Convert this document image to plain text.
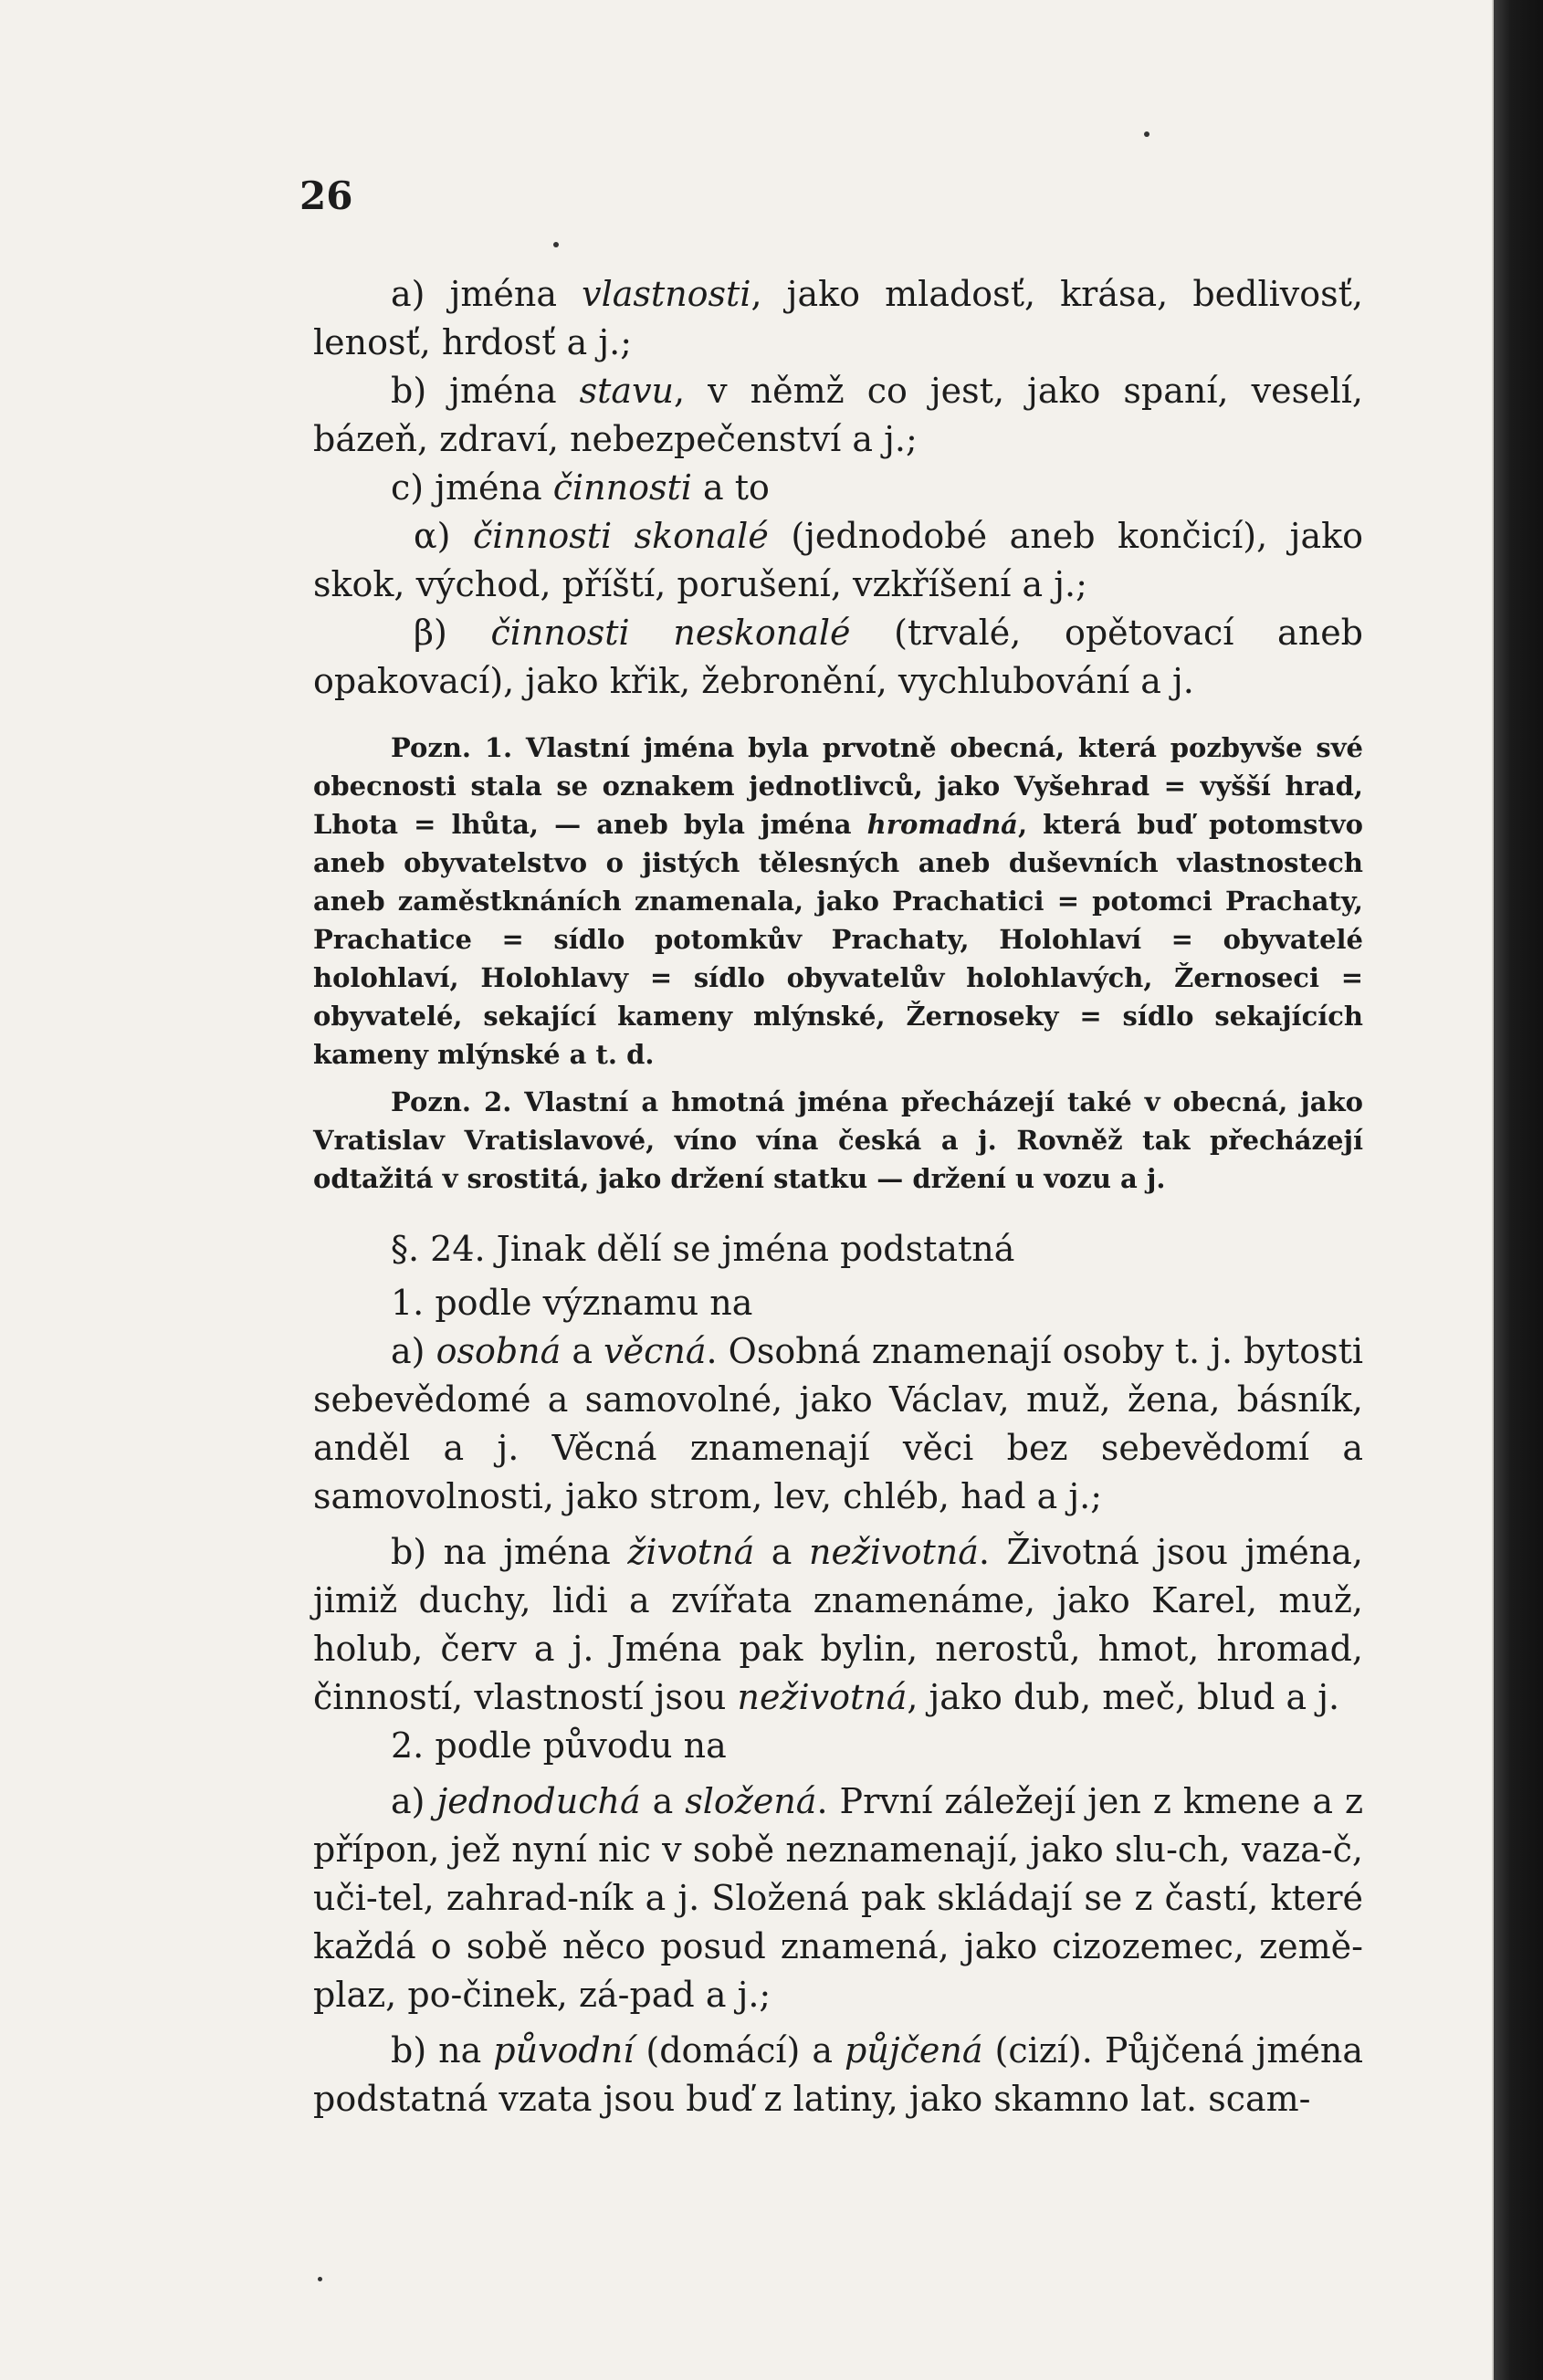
26

a) jména vlastnosti, jako mladosť, krása, bedlivosť, lenosť, hrdosť a j.;

b) jména stavu, v němž co jest, jako spaní, veselí, bázeň, zdraví, nebezpečenství a j.;

c) jména činnosti a to

α) činnosti skonalé (jednodobé aneb končicí), jako skok, východ, příští, porušení, vzkříšení a j.;

β) činnosti neskonalé (trvalé, opětovací aneb opakovací), jako křik, žebronění, vychlubování a j.

Pozn. 1. Vlastní jména byla prvotně obecná, která pozbyvše své obecnosti stala se oznakem jednotlivců, jako Vyšehrad = vyšší hrad, Lhota = lhůta, — aneb byla jména hromadná, která buď potomstvo aneb obyvatelstvo o jistých tělesných aneb duševních vlastnostech aneb zaměstknáních znamenala, jako Prachatici = potomci Prachaty, Prachatice = sídlo potomkův Prachaty, Holohlaví = obyvatelé holohlaví, Holohlavy = sídlo obyvatelův holohlavých, Žernoseci = obyvatelé, sekající kameny mlýnské, Žernoseky = sídlo sekajících kameny mlýnské a t. d.

Pozn. 2. Vlastní a hmotná jména přecházejí také v obecná, jako Vratislav Vratislavové, víno vína česká a j. Rovněž tak přecházejí odtažitá v srostitá, jako držení statku — držení u vozu a j.

§. 24. Jinak dělí se jména podstatná

1. podle významu na

a) osobná a věcná. Osobná znamenají osoby t. j. bytosti sebevědomé a samovolné, jako Václav, muž, žena, básník, anděl a j. Věcná znamenají věci bez sebevědomí a samovolnosti, jako strom, lev, chléb, had a j.;

b) na jména životná a neživotná. Životná jsou jména, jimiž duchy, lidi a zvířata znamenáme, jako Karel, muž, holub, červ a j. Jména pak bylin, nerostů, hmot, hromad, činností, vlastností jsou neživotná, jako dub, meč, blud a j.

2. podle původu na

a) jednoduchá a složená. První záležejí jen z kmene a z přípon, jež nyní nic v sobě neznamenají, jako slu-ch, vaza-č, uči-tel, zahrad-ník a j. Složená pak skládají se z častí, které každá o sobě něco posud znamená, jako cizozemec, země-plaz, po-činek, zá-pad a j.;

b) na původní (domácí) a půjčená (cizí). Půjčená jména podstatná vzata jsou buď z latiny, jako skamno lat. scam-
